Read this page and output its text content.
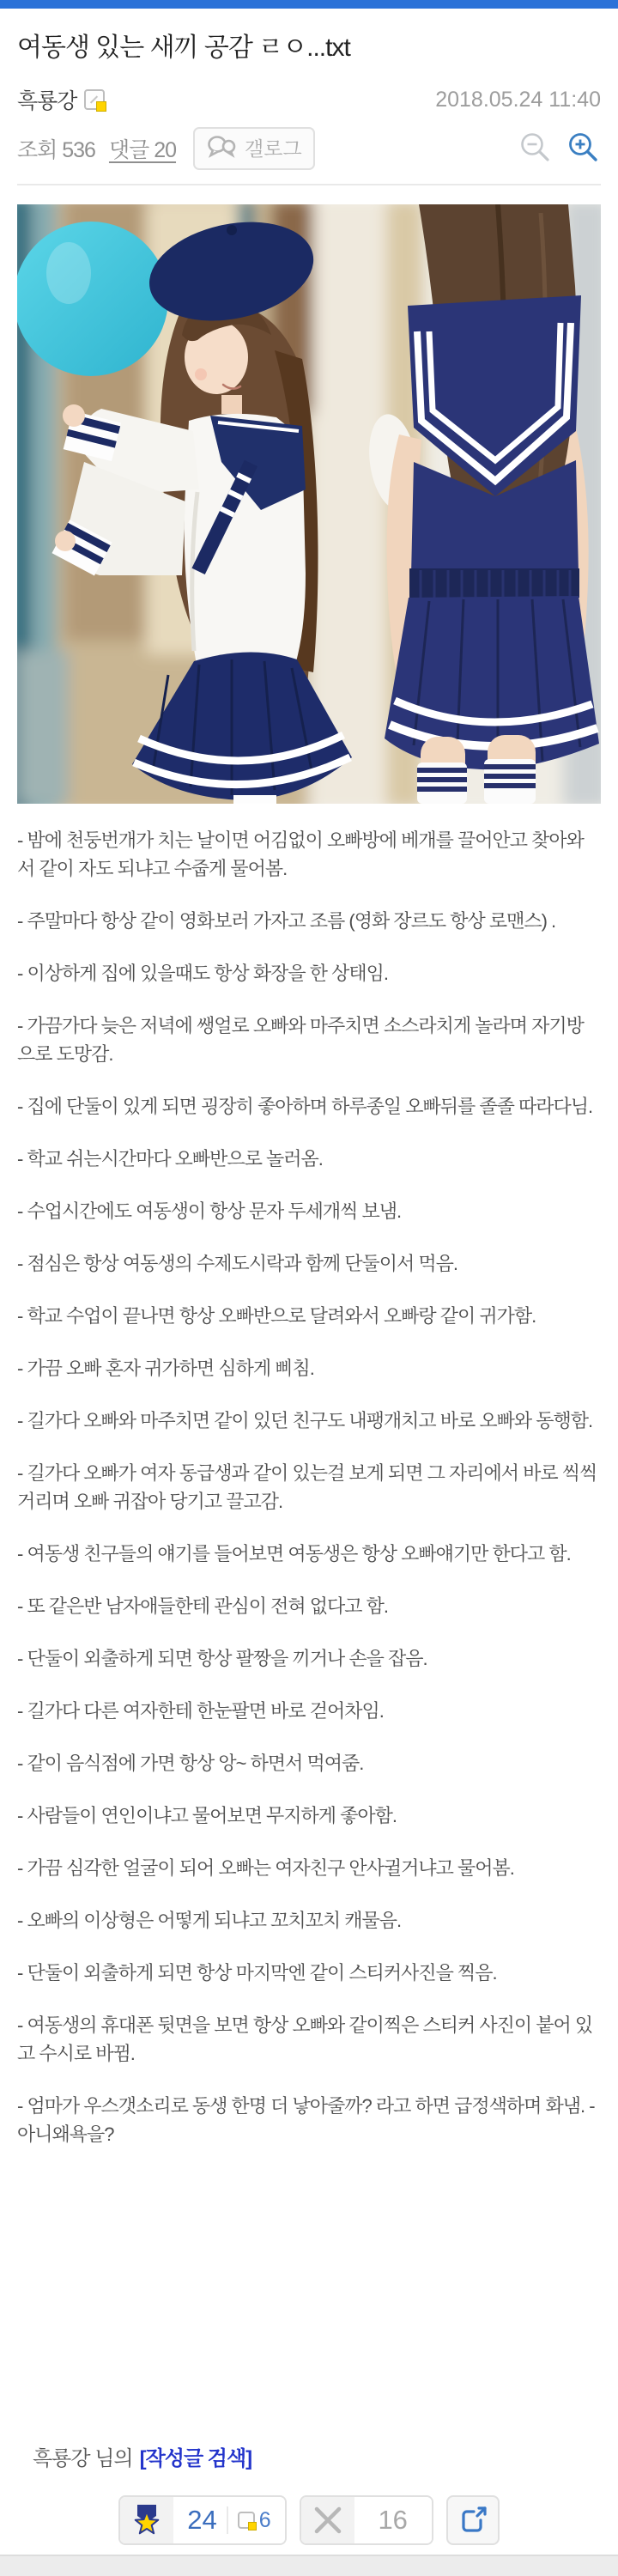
여동생 있는 새끼 공감 ㄹㅇ...txt
흑룡강	2018.05.24 11:40
조회 536 댓글 20	갤로그

- 밤에 천둥번개가 치는 날이면 어김없이 오빠방에 베개를 끌어안고 찾아와서 같이 자도 되냐고 수줍게 물어봄.

- 주말마다 항상 같이 영화보러 가자고 조름 (영화 장르도 항상 로맨스) .

- 이상하게 집에 있을때도 항상 화장을 한 상태임.

- 가끔가다 늦은 저녁에 쌩얼로 오빠와 마주치면 소스라치게 놀라며 자기방으로 도망감.

- 집에 단둘이 있게 되면 굉장히 좋아하며 하루종일 오빠뒤를 졸졸 따라다님.

- 학교 쉬는시간마다 오빠반으로 놀러옴.

- 수업시간에도 여동생이 항상 문자 두세개씩 보냄.

- 점심은 항상 여동생의 수제도시락과 함께 단둘이서 먹음.

- 학교 수업이 끝나면 항상 오빠반으로 달려와서 오빠랑 같이 귀가함.

- 가끔 오빠 혼자 귀가하면 심하게 삐침.

- 길가다 오빠와 마주치면 같이 있던 친구도 내팽개치고 바로 오빠와 동행함.

- 길가다 오빠가 여자 동급생과 같이 있는걸 보게 되면 그 자리에서 바로 씩씩거리며 오빠 귀잡아 당기고 끌고감.

- 여동생 친구들의 얘기를 들어보면 여동생은 항상 오빠얘기만 한다고 함.

- 또 같은반 남자애들한테 관심이 전혀 없다고 함.

- 단둘이 외출하게 되면 항상 팔짱을 끼거나 손을 잡음.

- 길가다 다른 여자한테 한눈팔면 바로 걷어차임.

- 같이 음식점에 가면 항상 앙~ 하면서 먹여줌.

- 사람들이 연인이냐고 물어보면 무지하게 좋아함.

- 가끔 심각한 얼굴이 되어 오빠는 여자친구 안사귈거냐고 물어봄.

- 오빠의 이상형은 어떻게 되냐고 꼬치꼬치 캐물음.

- 단둘이 외출하게 되면 항상 마지막엔 같이 스티커사진을 찍음.

- 여동생의 휴대폰 뒷면을 보면 항상 오빠와 같이찍은 스티커 사진이 붙어 있고 수시로 바뀜.

- 엄마가 우스갯소리로 동생 한명 더 낳아줄까? 라고 하면 급정색하며 화냄. - 아니왜욕을?

흑룡강 님의 [작성글 검색]
24 6	16
